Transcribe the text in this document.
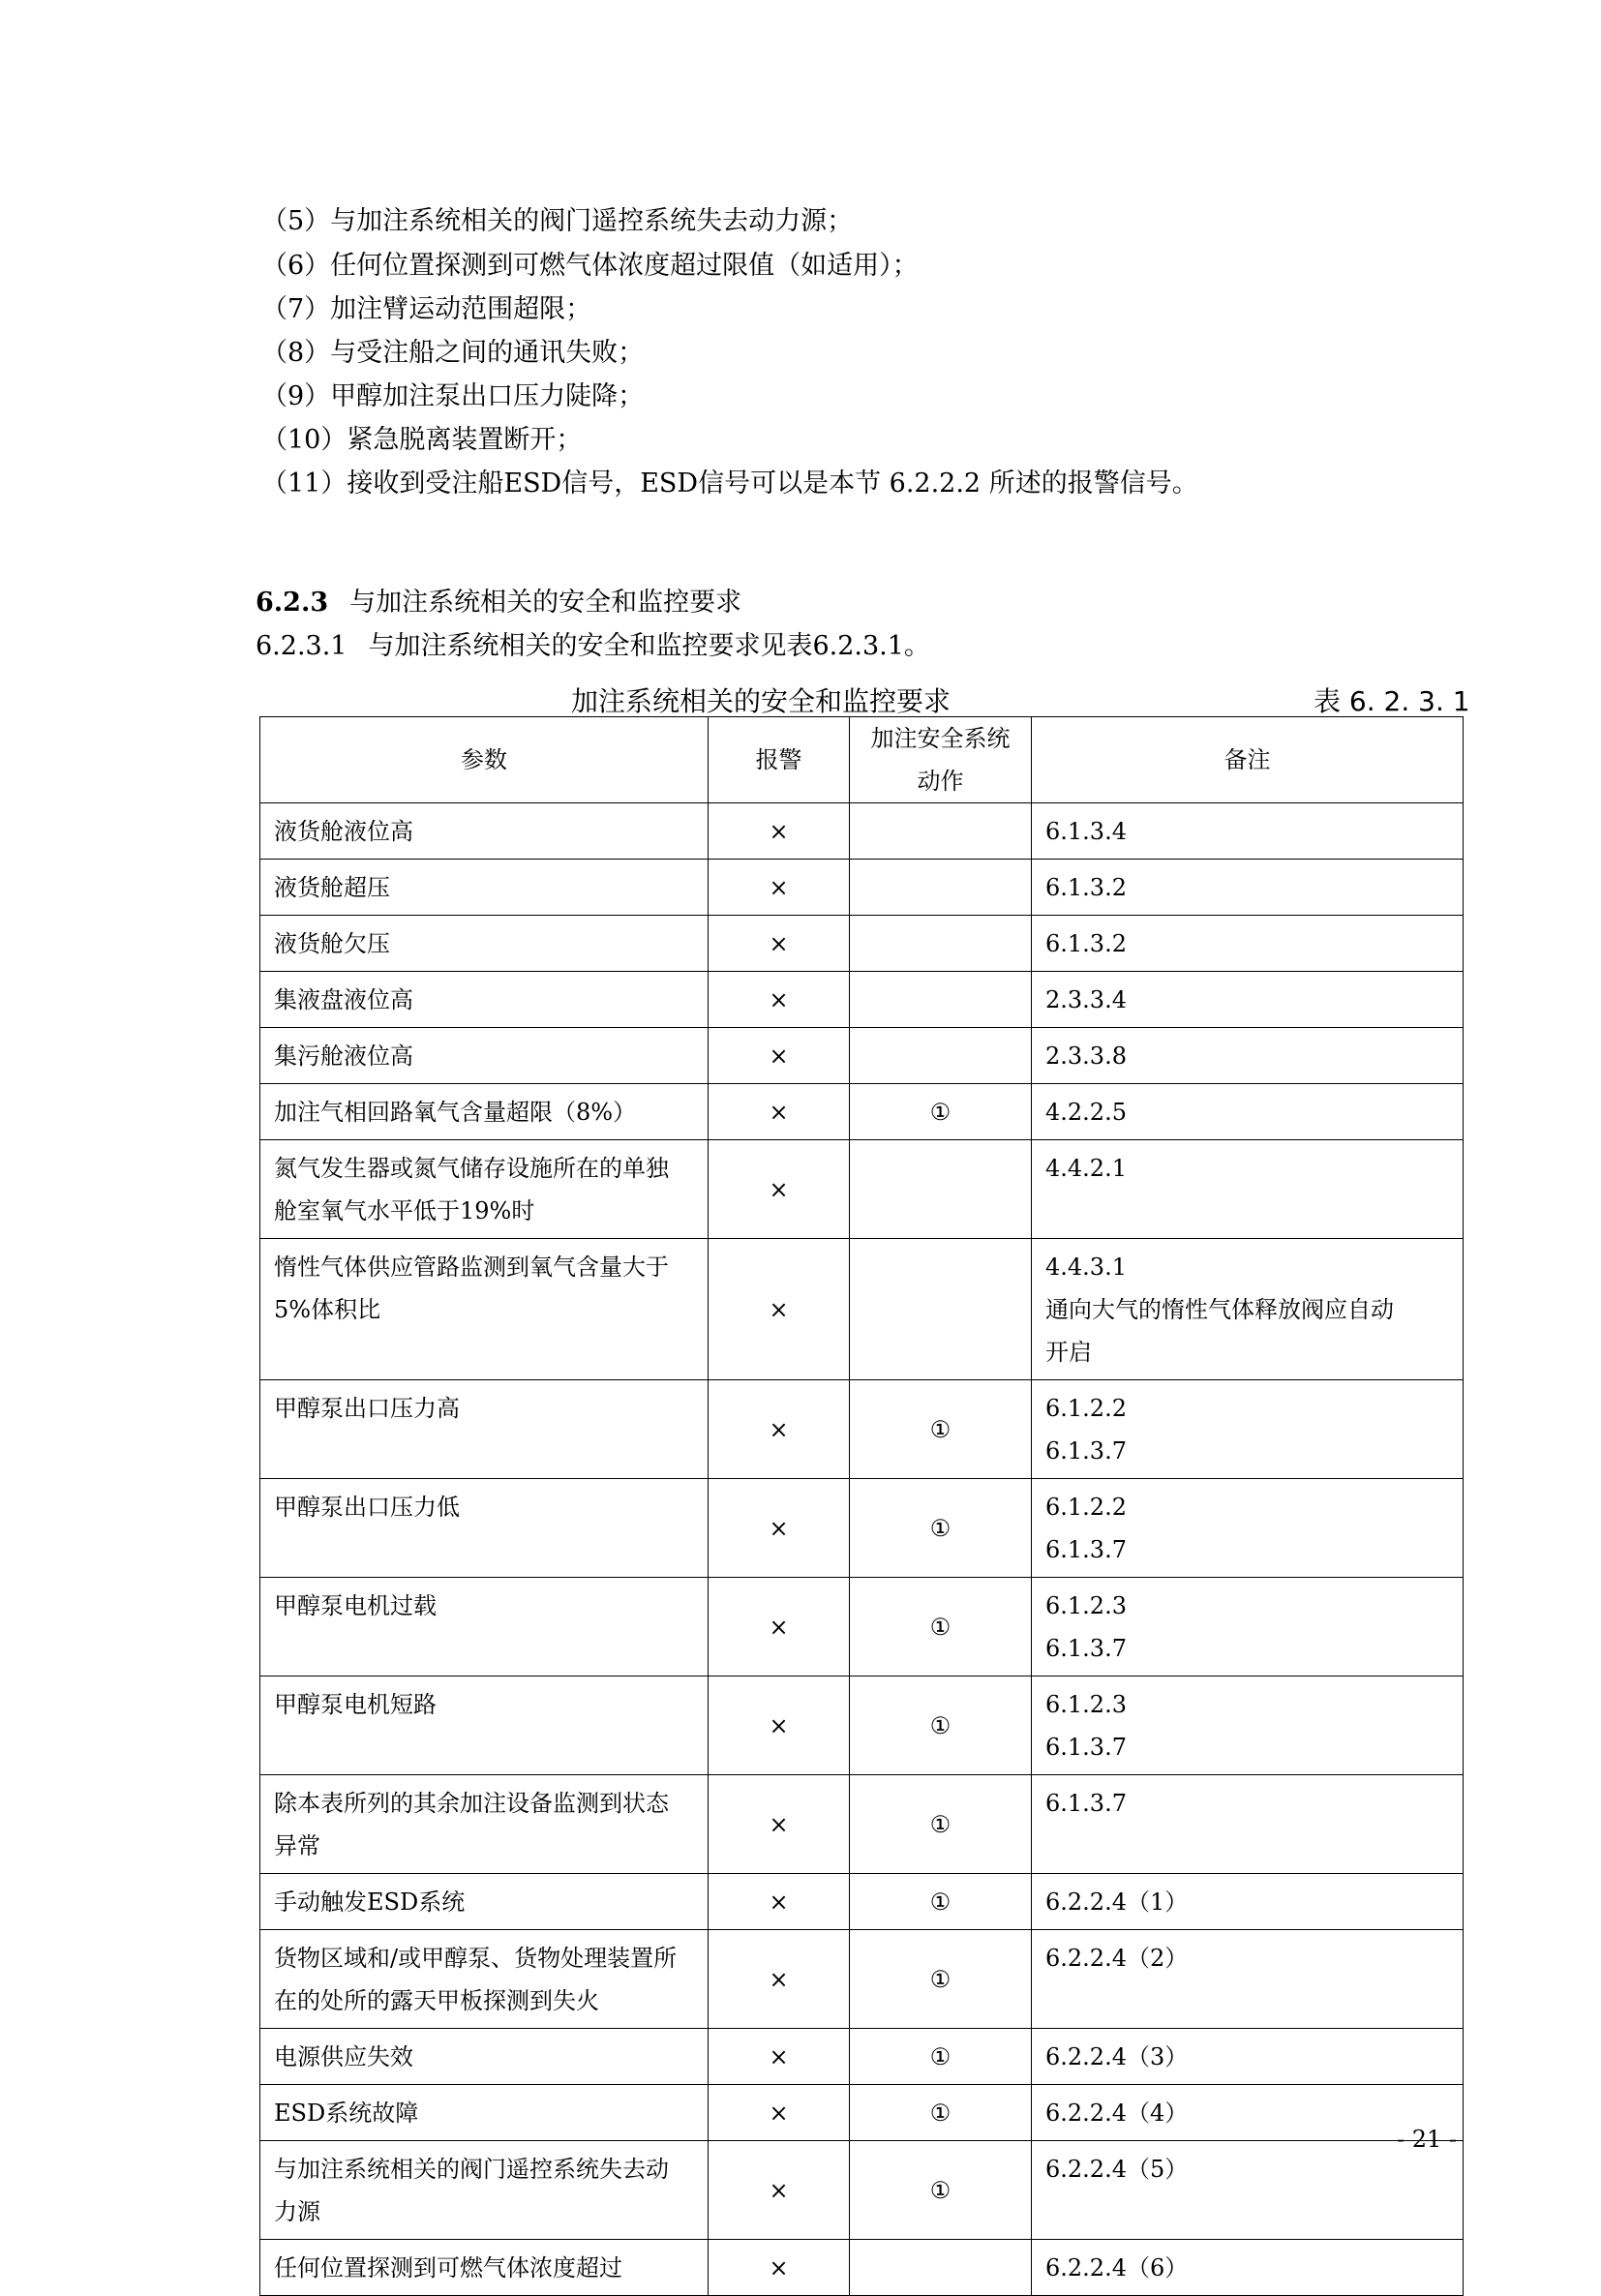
（5）与加注系统相关的阀门遥控系统失去动力源；
（6）任何位置探测到可燃气体浓度超过限值（如适用）；
（7）加注臂运动范围超限；
（8）与受注船之间的通讯失败；
（9）甲醇加注泵出口压力陡降；
（10）紧急脱离装置断开；
（11）接收到受注船ESD信号，ESD信号可以是本节 6.2.2.2 所述的报警信号。
6.2.3 与加注系统相关的安全和监控要求
6.2.3.1 与加注系统相关的安全和监控要求见表6.2.3.1。
加注系统相关的安全和监控要求	表 6. 2. 3. 1
参数	报警	加注安全系统
动作	备注

液货舱液位高	×		6.1.3.4

液货舱超压	×		6.1.3.2

液货舱欠压	×		6.1.3.2

集液盘液位高	×		2.3.3.4

集污舱液位高	×		2.3.3.8

加注气相回路氧气含量超限（8%）	×	①	4.2.2.5

氮气发生器或氮气储存设施所在的单独
舱室氧气水平低于19%时	×		4.4.2.1

惰性气体供应管路监测到氧气含量大于
5%体积比	×		4.4.3.1
通向大气的惰性气体释放阀应自动
开启

甲醇泵出口压力高	×	①	6.1.2.2
6.1.3.7

甲醇泵出口压力低	×	①	6.1.2.2
6.1.3.7

甲醇泵电机过载	×	①	6.1.2.3
6.1.3.7

甲醇泵电机短路	×	①	6.1.2.3
6.1.3.7

除本表所列的其余加注设备监测到状态
异常	×	①	6.1.3.7

手动触发ESD系统	×	①	6.2.2.4（1）

货物区域和/或甲醇泵、货物处理装置所
在的处所的露天甲板探测到失火	×	①	6.2.2.4（2）

电源供应失效	×	①	6.2.2.4（3）

ESD系统故障	×	①	6.2.2.4（4）

与加注系统相关的阀门遥控系统失去动
力源	×	①	6.2.2.4（5）

任何位置探测到可燃气体浓度超过	×		6.2.2.4（6）
- 21 -
